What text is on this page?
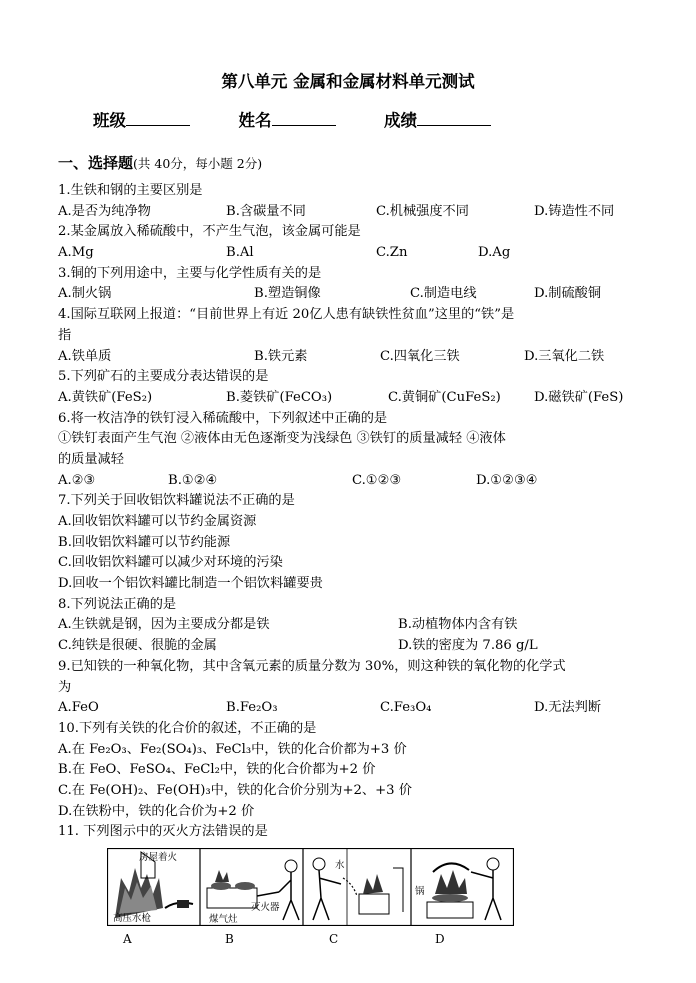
第八单元 金属和金属材料单元测试
班级	姓名	成绩
一、选择题(共 40分，每小题 2分)
1.生铁和钢的主要区别是
A.是否为纯净物	B.含碳量不同	C.机械强度不同	D.铸造性不同
2.某金属放入稀硫酸中，不产生气泡，该金属可能是
A.Mg	B.Al	C.Zn	D.Ag
3.铜的下列用途中，主要与化学性质有关的是
A.制火锅	B.塑造铜像	C.制造电线	D.制硫酸铜
4.国际互联网上报道：“目前世界上有近 20亿人患有缺铁性贫血”这里的“铁”是
指
A.铁单质	B.铁元素	C.四氧化三铁	D.三氧化二铁
5.下列矿石的主要成分表达错误的是
A.黄铁矿(FeS₂)	B.菱铁矿(FeCO₃)	C.黄铜矿(CuFeS₂)	D.磁铁矿(FeS)
6.将一枚洁净的铁钉浸入稀硫酸中，下列叙述中正确的是
①铁钉表面产生气泡 ②液体由无色逐渐变为浅绿色 ③铁钉的质量减轻 ④液体
的质量减轻
A.②③	B.①②④	C.①②③	D.①②③④
7.下列关于回收铝饮料罐说法不正确的是
A.回收铝饮料罐可以节约金属资源
B.回收铝饮料罐可以节约能源
C.回收铝饮料罐可以减少对环境的污染
D.回收一个铝饮料罐比制造一个铝饮料罐要贵
8.下列说法正确的是
A.生铁就是钢，因为主要成分都是铁	B.动植物体内含有铁
C.纯铁是很硬、很脆的金属	D.铁的密度为 7.86 g/L
9.已知铁的一种氧化物，其中含氧元素的质量分数为 30%，则这种铁的氧化物的化学式
为
A.FeO	B.Fe₂O₃	C.Fe₃O₄	D.无法判断
10.下列有关铁的化合价的叙述，不正确的是
A.在 Fe₂O₃、Fe₂(SO₄)₃、FeCl₃中，铁的化合价都为+3 价
B.在 FeO、FeSO₄、FeCl₂中，铁的化合价都为+2 价
C.在 Fe(OH)₂、Fe(OH)₃中，铁的化合价分别为+2、+3 价
D.在铁粉中，铁的化合价为+2 价
11. 下列图示中的灭火方法错误的是
房屋着火
高压水枪	煤气灶
灭火器
水
锅
A	B	C	D
